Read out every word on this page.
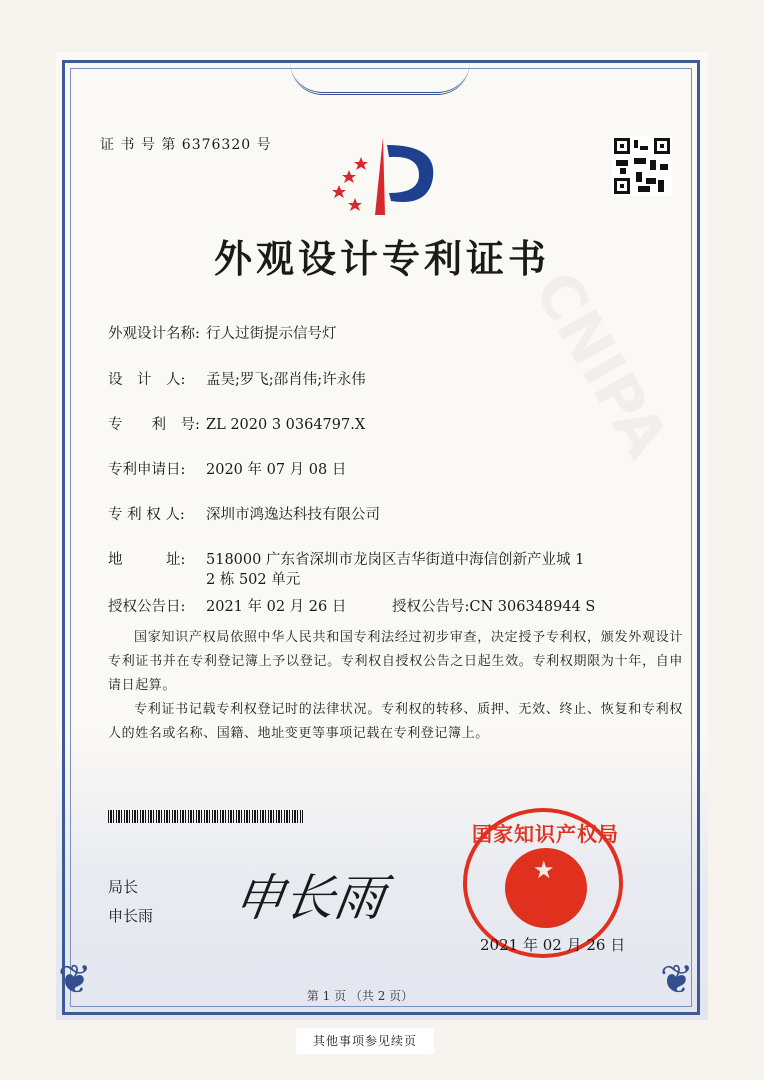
❦	❦
证 书 号 第 6376320 号
外观设计专利证书
外观设计名称: 行人过街提示信号灯
设　计　人: 孟昊;罗飞;邵肖伟;许永伟
专　　利　号: ZL 2020 3 0364797.X
专利申请日: 2020 年 07 月 08 日
专 利 权 人: 深圳市鸿逸达科技有限公司
地　　　址: 518000 广东省深圳市龙岗区吉华街道中海信创新产业城 1
2 栋 502 单元
授权公告日: 2021 年 02 月 26 日	授权公告号:CN 306348944 S
国家知识产权局依照中华人民共和国专利法经过初步审查，决定授予专利权，颁发外观设计专利证书并在专利登记簿上予以登记。专利权自授权公告之日起生效。专利权期限为十年，自申请日起算。
专利证书记载专利权登记时的法律状况。专利权的转移、质押、无效、终止、恢复和专利权人的姓名或名称、国籍、地址变更等事项记载在专利登记簿上。
局长
申长雨 申长雨	★
国家知识产权局
2021 年 02 月 26 日
第 1 页 （共 2 页）
其他事项参见续页
